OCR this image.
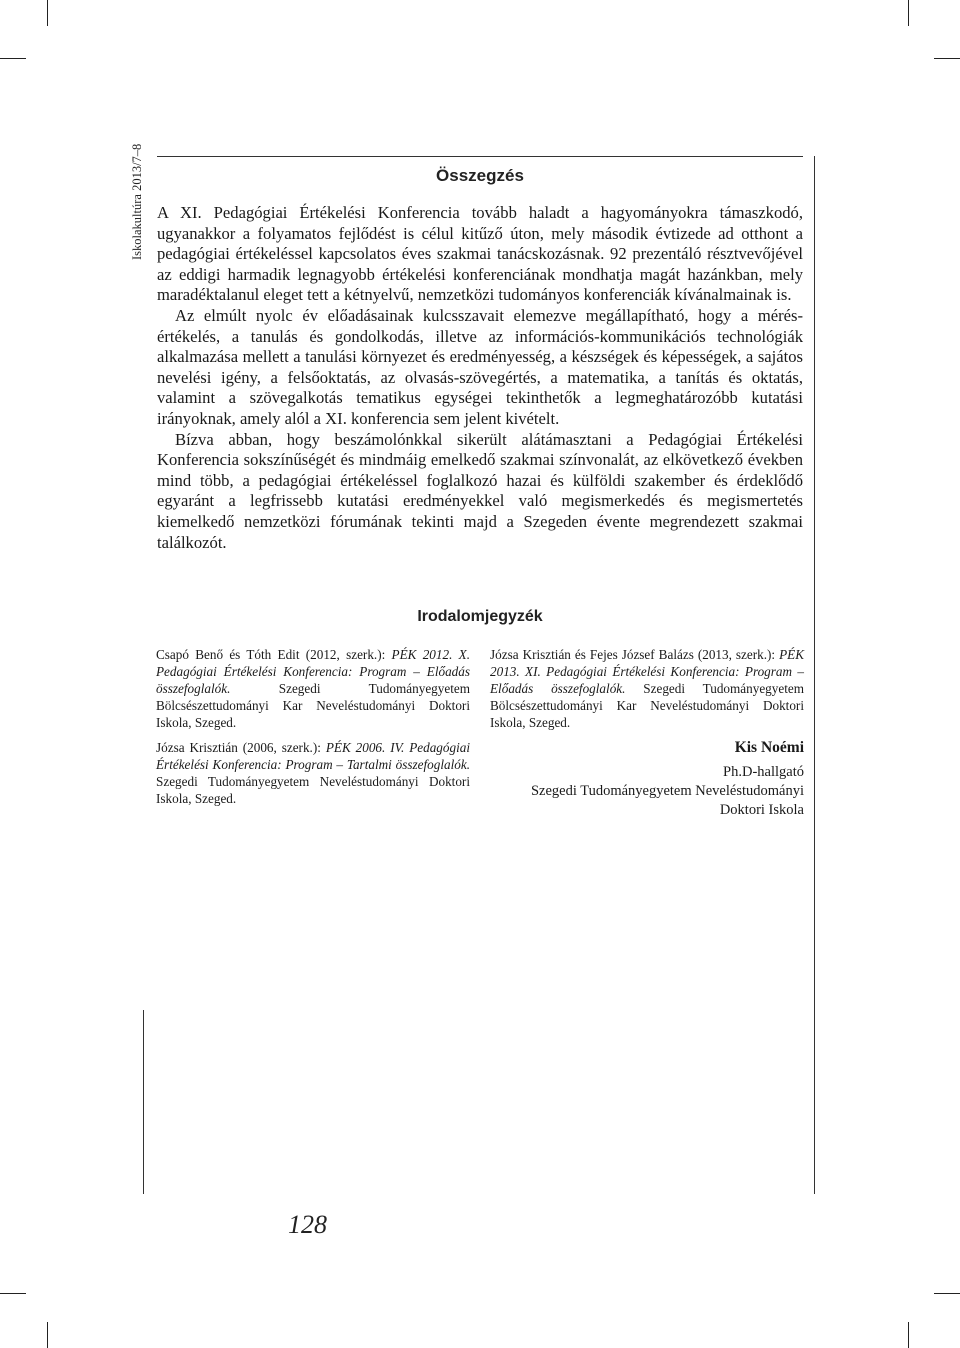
Iskolakultúra 2013/7–8	Összegzés

A XI. Pedagógiai Értékelési Konferencia tovább haladt a hagyományokra támaszkodó, ugyanakkor a folyamatos fejlődést is célul kitűző úton, mely második évtizede ad otthont a pedagógiai értékeléssel kapcsolatos éves szakmai tanácskozásnak. 92 prezentáló résztvevőjével az eddigi harmadik legnagyobb értékelési konferenciának mondhatja magát hazánkban, mely maradéktalanul eleget tett a kétnyelvű, nemzetközi tudományos konferenciák kívánalmainak is.

Az elmúlt nyolc év előadásainak kulcsszavait elemezve megállapítható, hogy a mérés-értékelés, a tanulás és gondolkodás, illetve az információs-kommunikációs technológiák alkalmazása mellett a tanulási környezet és eredményesség, a készségek és képességek, a sajátos nevelési igény, a felsőoktatás, az olvasás-szövegértés, a matematika, a tanítás és oktatás, valamint a szövegalkotás tematikus egységei tekinthetők a legmeghatározóbb kutatási irányoknak, amely alól a XI. konferencia sem jelent kivételt.

Bízva abban, hogy beszámolónkkal sikerült alátámasztani a Pedagógiai Értékelési Konferencia sokszínűségét és mindmáig emelkedő szakmai színvonalát, az elkövetkező években mind több, a pedagógiai értékeléssel foglalkozó hazai és külföldi szakember és érdeklődő egyaránt a legfrissebb kutatási eredményekkel való megismerkedés és megismertetés kiemelkedő nemzetközi fórumának tekinti majd a Szegeden évente megrendezett szakmai találkozót.

Irodalomjegyzék

Csapó Benő és Tóth Edit (2012, szerk.): PÉK 2012. X. Pedagógiai Értékelési Konferencia: Program – Előadás összefoglalók. Szegedi Tudományegyetem Bölcsészettudományi Kar Neveléstudományi Doktori Iskola, Szeged.

Józsa Krisztián (2006, szerk.): PÉK 2006. IV. Pedagógiai Értékelési Konferencia: Program – Tartalmi összefoglalók. Szegedi Tudományegyetem Neveléstudományi Doktori Iskola, Szeged.

Józsa Krisztián és Fejes József Balázs (2013, szerk.): PÉK 2013. XI. Pedagógiai Értékelési Konferencia: Program – Előadás összefoglalók. Szegedi Tudományegyetem Bölcsészettudományi Kar Neveléstudományi Doktori Iskola, Szeged.

Kis Noémi
Ph.D-hallgató
Szegedi Tudományegyetem Neveléstudományi
Doktori Iskola
128
